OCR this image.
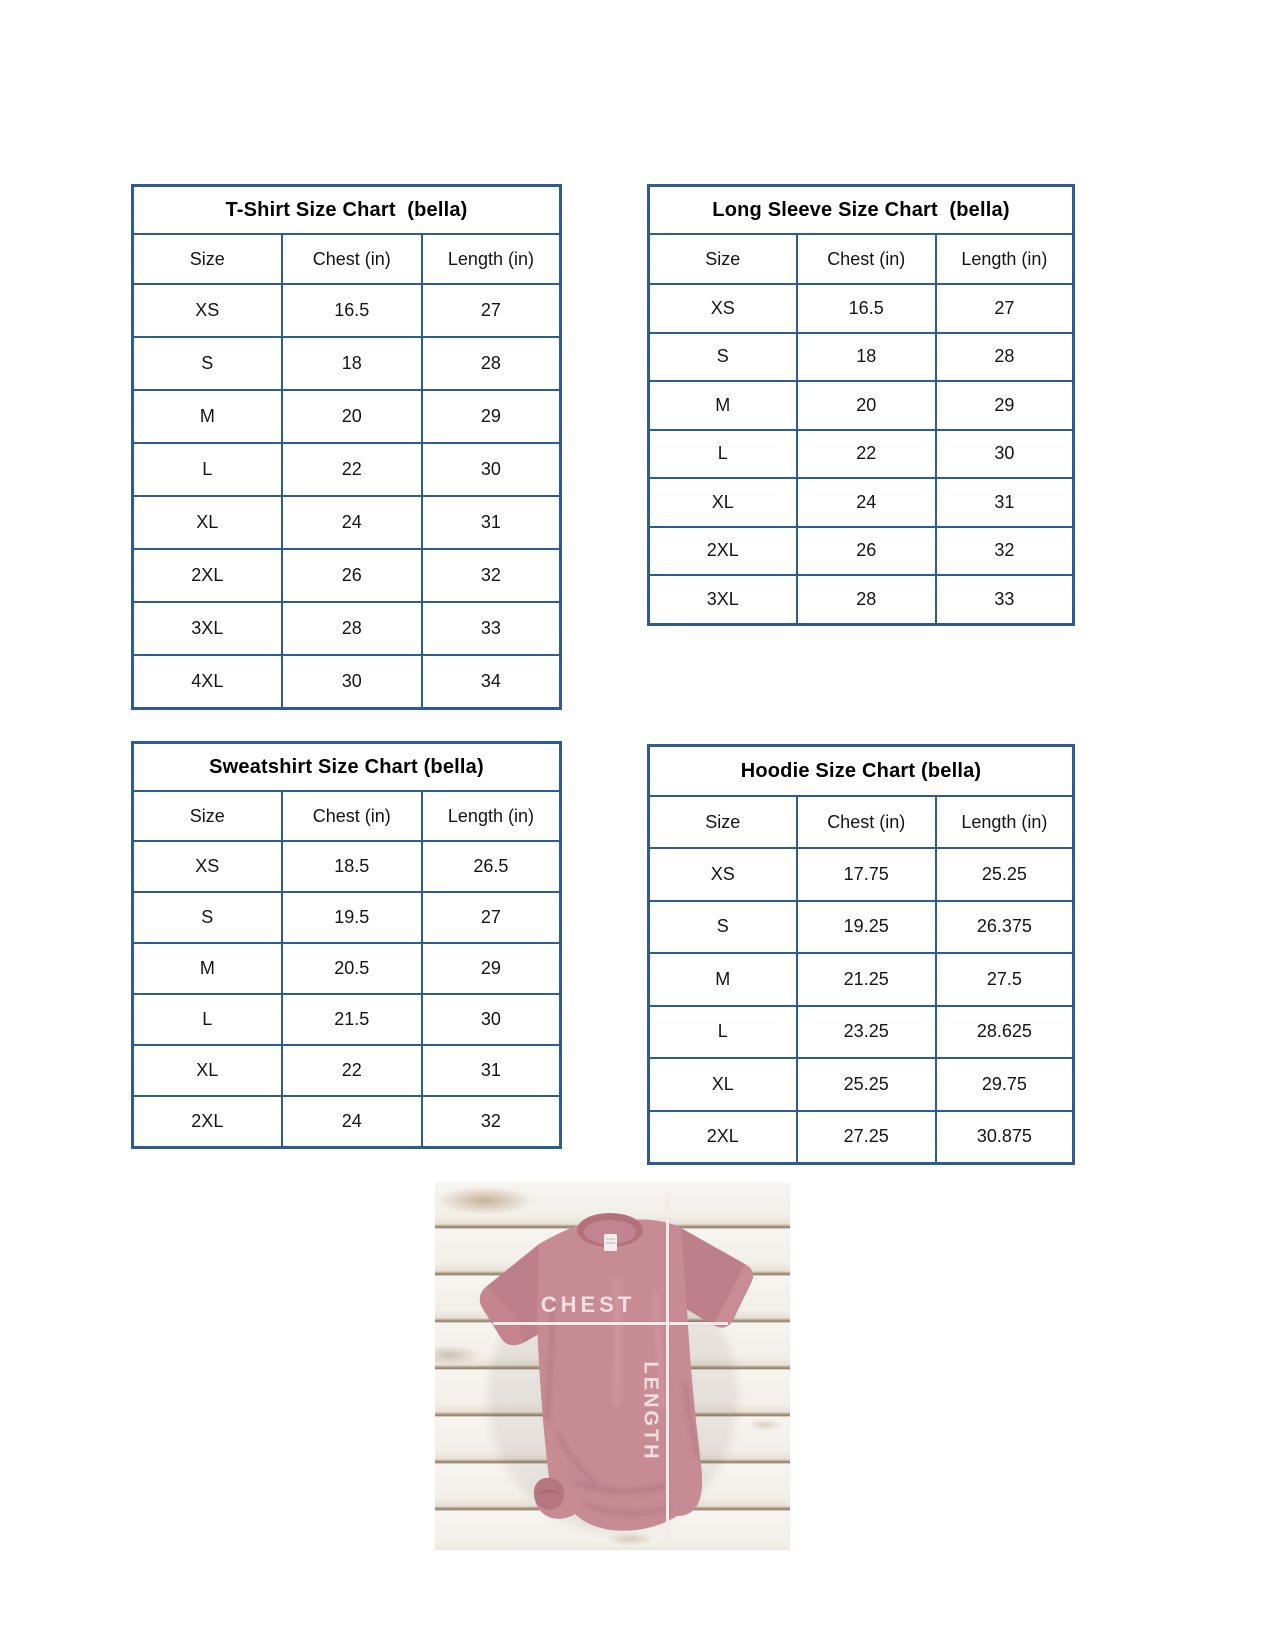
T-Shirt Size Chart  (bella)
Size	Chest (in)	Length (in)
XS	16.5	27
S	18	28
M	20	29
L	22	30
XL	24	31
2XL	26	32
3XL	28	33
4XL	30	34
Long Sleeve Size Chart  (bella)
Size	Chest (in)	Length (in)
XS	16.5	27
S	18	28
M	20	29
L	22	30
XL	24	31
2XL	26	32
3XL	28	33
Sweatshirt Size Chart (bella)
Size	Chest (in)	Length (in)
XS	18.5	26.5
S	19.5	27
M	20.5	29
L	21.5	30
XL	22	31
2XL	24	32
Hoodie Size Chart (bella)
Size	Chest (in)	Length (in)
XS	17.75	25.25
S	19.25	26.375
M	21.25	27.5
L	23.25	28.625
XL	25.25	29.75
2XL	27.25	30.875
CHEST
LENGTH
